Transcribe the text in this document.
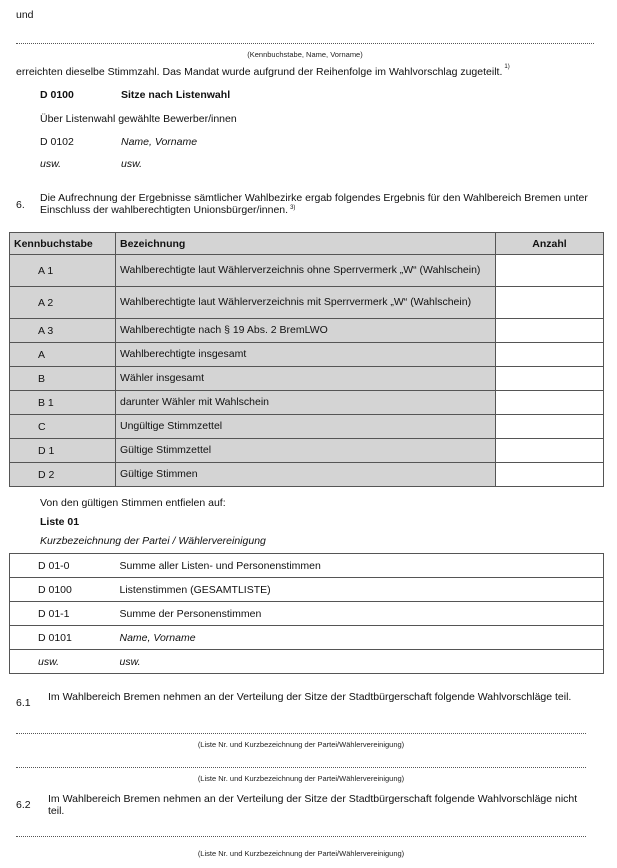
und
(Kennbuchstabe, Name, Vorname)
erreichten dieselbe Stimmzahl. Das Mandat wurde aufgrund der Reihenfolge im Wahlvorschlag zugeteilt. $^{1)}$
D 0100	Sitze nach Listenwahl
Über Listenwahl gewählte Bewerber/innen
D 0102	Name, Vorname
usw.	usw.
6.
Die Aufrechnung der Ergebnisse sämtlicher Wahlbezirke ergab folgendes Ergebnis für den Wahlbereich Bremen unter Einschluss der wahlberechtigten Unionsbürger/innen. $^{3)}$
Kennbuchstabe	Bezeichnung	Anzahl
A 1	Wahlberechtigte laut Wählerverzeichnis ohne Sperrvermerk „W“ (Wahlschein)	
A 2	Wahlberechtigte laut Wählerverzeichnis mit Sperrvermerk „W“ (Wahlschein)	
A 3	Wahlberechtigte nach § 19 Abs. 2 BremLWO	
A	Wahlberechtigte insgesamt	
B	Wähler insgesamt	
B 1	darunter Wähler mit Wahlschein	
C	Ungültige Stimmzettel	
D 1	Gültige Stimmzettel	
D 2	Gültige Stimmen	
Von den gültigen Stimmen entfielen auf:
Liste 01
Kurzbezeichnung der Partei / Wählervereinigung
D 01-0	Summe aller Listen- und Personenstimmen
D 0100	Listenstimmen (GESAMTLISTE)
D 01-1	Summe der Personenstimmen
D 0101	Name, Vorname
usw.	usw.
6.1 Im Wahlbereich Bremen nehmen an der Verteilung der Sitze der Stadtbürgerschaft folgende Wahlvorschläge teil.
(Liste Nr. und Kurzbezeichnung der Partei/Wählervereinigung)
(Liste Nr. und Kurzbezeichnung der Partei/Wählervereinigung)
6.2 Im Wahlbereich Bremen nehmen an der Verteilung der Sitze der Stadtbürgerschaft folgende Wahlvorschläge nicht teil.
(Liste Nr. und Kurzbezeichnung der Partei/Wählervereinigung)
